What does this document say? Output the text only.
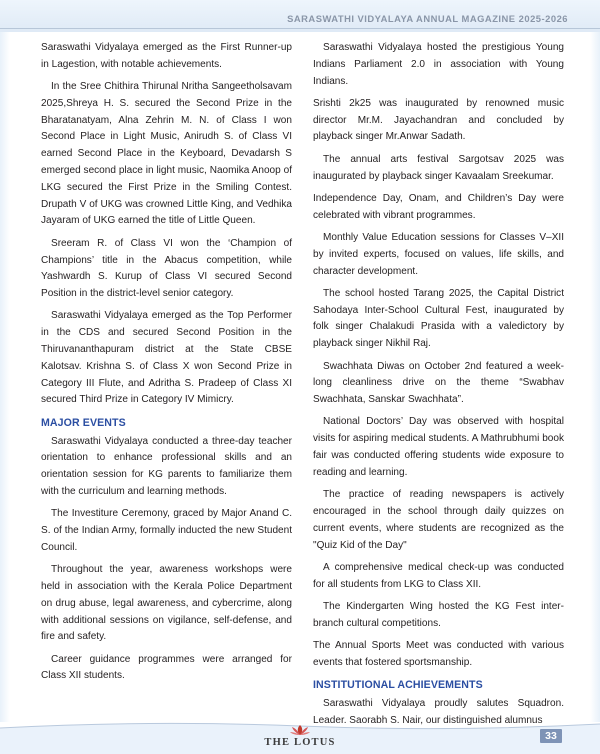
SARASWATHI VIDYALAYA ANNUAL MAGAZINE 2025-2026

Saraswathi Vidyalaya emerged as the First Runner-up in Lagestion, with notable achievements.

In the Sree Chithira Thirunal Nritha Sangeetholsavam 2025,Shreya H. S. secured the Second Prize in the Bharatanatyam, Alna Zehrin M. N. of Class I won Second Place in Light Music, Anirudh S. of Class VI earned Second Place in the Keyboard, Devadarsh S emerged second place in light music, Naomika Anoop of LKG secured the First Prize in the Smiling Contest. Drupath V of UKG was crowned Little King, and Vedhika Jayaram of UKG earned the title of Little Queen.

Sreeram R. of Class VI won the ‘Champion of Champions’ title in the Abacus competition, while Yashwardh S. Kurup of Class VI secured Second Position in the district-level senior category.

Saraswathi Vidyalaya emerged as the Top Performer in the CDS and secured Second Position in the Thiruvananthapuram district at the State CBSE Kalotsav. Krishna S. of Class X won Second Prize in Category III Flute, and Adritha S. Pradeep of Class XI secured Third Prize in Category IV Mimicry.

MAJOR EVENTS

Saraswathi Vidyalaya conducted a three-day teacher orientation to enhance professional skills and an orientation session for KG parents to familiarize them with the curriculum and learning methods.

The Investiture Ceremony, graced by Major Anand C. S. of the Indian Army, formally inducted the new Student Council.

Throughout the year, awareness workshops were held in association with the Kerala Police Department on drug abuse, legal awareness, and cybercrime, along with additional sessions on vigilance, self-defense, and fire and safety.

Career guidance programmes were arranged for Class XII students.

Saraswathi Vidyalaya hosted the prestigious Young Indians Parliament 2.0 in association with Young Indians.

Srishti 2k25 was inaugurated by renowned music director Mr.M. Jayachandran and concluded by playback singer Mr.Anwar Sadath.

The annual arts festival Sargotsav 2025 was inaugurated by playback singer Kavaalam Sreekumar.

Independence Day, Onam, and Children’s Day were celebrated with vibrant programmes.

Monthly Value Education sessions for Classes V–XII by invited experts, focused on values, life skills, and character development.

The school hosted Tarang 2025, the Capital District Sahodaya Inter-School Cultural Fest, inaugurated by folk singer Chalakudi Prasida with a valedictory by playback singer Nikhil Raj.

Swachhata Diwas on October 2nd featured a week-long cleanliness drive on the theme “Swabhav Swachhata, Sanskar Swachhata”.

National Doctors’ Day was observed with hospital visits for aspiring medical students. A Mathrubhumi book fair was conducted offering students wide exposure to reading and learning.

The practice of reading newspapers is actively encouraged in the school through daily quizzes on current events, where students are recognized as the "Quiz Kid of the Day"

A comprehensive medical check-up was conducted for all students from LKG to Class XII.

The Kindergarten Wing hosted the KG Fest inter-branch cultural competitions.

The Annual Sports Meet was conducted with various events that fostered sportsmanship.

INSTITUTIONAL ACHIEVEMENTS

Saraswathi Vidyalaya proudly salutes Squadron. Leader. Saorabh S. Nair, our distinguished alumnus

THE LOTUS
33
